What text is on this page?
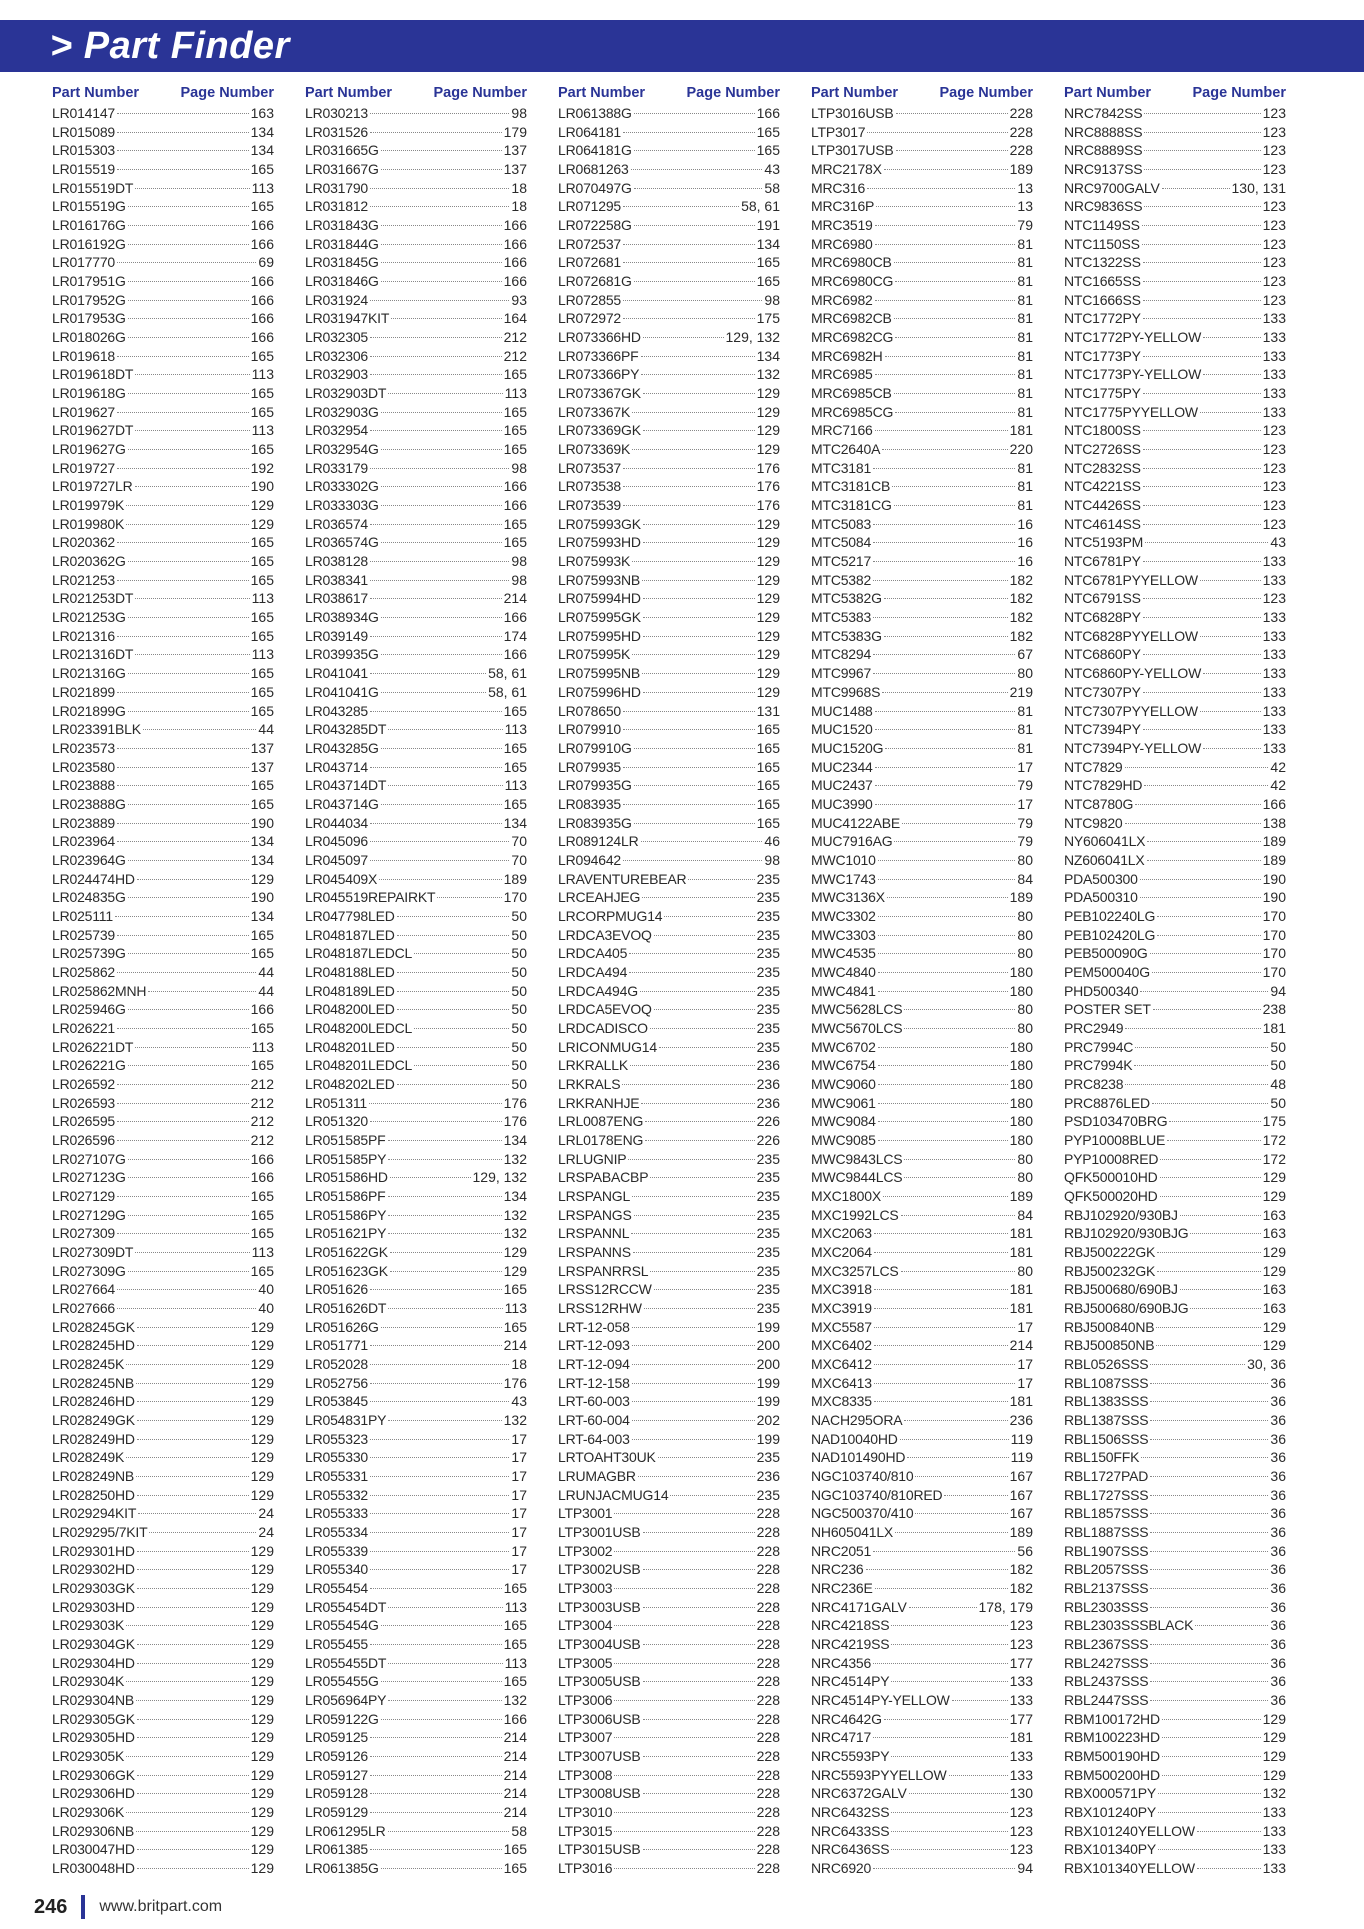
> Part Finder
Part Number	Page Number
LR014147	163
LR015089	134
LR015303	134
LR015519	165
LR015519DT	113
LR015519G	165
LR016176G	166
LR016192G	166
LR017770	69
LR017951G	166
LR017952G	166
LR017953G	166
LR018026G	166
LR019618	165
LR019618DT	113
LR019618G	165
LR019627	165
LR019627DT	113
LR019627G	165
LR019727	192
LR019727LR	190
LR019979K	129
LR019980K	129
LR020362	165
LR020362G	165
LR021253	165
LR021253DT	113
LR021253G	165
LR021316	165
LR021316DT	113
LR021316G	165
LR021899	165
LR021899G	165
LR023391BLK	44
LR023573	137
LR023580	137
LR023888	165
LR023888G	165
LR023889	190
LR023964	134
LR023964G	134
LR024474HD	129
LR024835G	190
LR025111	134
LR025739	165
LR025739G	165
LR025862	44
LR025862MNH	44
LR025946G	166
LR026221	165
LR026221DT	113
LR026221G	165
LR026592	212
LR026593	212
LR026595	212
LR026596	212
LR027107G	166
LR027123G	166
LR027129	165
LR027129G	165
LR027309	165
LR027309DT	113
LR027309G	165
LR027664	40
LR027666	40
LR028245GK	129
LR028245HD	129
LR028245K	129
LR028245NB	129
LR028246HD	129
LR028249GK	129
LR028249HD	129
LR028249K	129
LR028249NB	129
LR028250HD	129
LR029294KIT	24
LR029295/7KIT	24
LR029301HD	129
LR029302HD	129
LR029303GK	129
LR029303HD	129
LR029303K	129
LR029304GK	129
LR029304HD	129
LR029304K	129
LR029304NB	129
LR029305GK	129
LR029305HD	129
LR029305K	129
LR029306GK	129
LR029306HD	129
LR029306K	129
LR029306NB	129
LR030047HD	129
LR030048HD	129
Part Number	Page Number
LR030213	98
LR031526	179
LR031665G	137
LR031667G	137
LR031790	18
LR031812	18
LR031843G	166
LR031844G	166
LR031845G	166
LR031846G	166
LR031924	93
LR031947KIT	164
LR032305	212
LR032306	212
LR032903	165
LR032903DT	113
LR032903G	165
LR032954	165
LR032954G	165
LR033179	98
LR033302G	166
LR033303G	166
LR036574	165
LR036574G	165
LR038128	98
LR038341	98
LR038617	214
LR038934G	166
LR039149	174
LR039935G	166
LR041041	58, 61
LR041041G	58, 61
LR043285	165
LR043285DT	113
LR043285G	165
LR043714	165
LR043714DT	113
LR043714G	165
LR044034	134
LR045096	70
LR045097	70
LR045409X	189
LR045519REPAIRKT	170
LR047798LED	50
LR048187LED	50
LR048187LEDCL	50
LR048188LED	50
LR048189LED	50
LR048200LED	50
LR048200LEDCL	50
LR048201LED	50
LR048201LEDCL	50
LR048202LED	50
LR051311	176
LR051320	176
LR051585PF	134
LR051585PY	132
LR051586HD	129, 132
LR051586PF	134
LR051586PY	132
LR051621PY	132
LR051622GK	129
LR051623GK	129
LR051626	165
LR051626DT	113
LR051626G	165
LR051771	214
LR052028	18
LR052756	176
LR053845	43
LR054831PY	132
LR055323	17
LR055330	17
LR055331	17
LR055332	17
LR055333	17
LR055334	17
LR055339	17
LR055340	17
LR055454	165
LR055454DT	113
LR055454G	165
LR055455	165
LR055455DT	113
LR055455G	165
LR056964PY	132
LR059122G	166
LR059125	214
LR059126	214
LR059127	214
LR059128	214
LR059129	214
LR061295LR	58
LR061385	165
LR061385G	165
Part Number	Page Number
LR061388G	166
LR064181	165
LR064181G	165
LR0681263	43
LR070497G	58
LR071295	58, 61
LR072258G	191
LR072537	134
LR072681	165
LR072681G	165
LR072855	98
LR072972	175
LR073366HD	129, 132
LR073366PF	134
LR073366PY	132
LR073367GK	129
LR073367K	129
LR073369GK	129
LR073369K	129
LR073537	176
LR073538	176
LR073539	176
LR075993GK	129
LR075993HD	129
LR075993K	129
LR075993NB	129
LR075994HD	129
LR075995GK	129
LR075995HD	129
LR075995K	129
LR075995NB	129
LR075996HD	129
LR078650	131
LR079910	165
LR079910G	165
LR079935	165
LR079935G	165
LR083935	165
LR083935G	165
LR089124LR	46
LR094642	98
LRAVENTUREBEAR	235
LRCEAHJEG	235
LRCORPMUG14	235
LRDCA3EVOQ	235
LRDCA405	235
LRDCA494	235
LRDCA494G	235
LRDCA5EVOQ	235
LRDCADISCO	235
LRICONMUG14	235
LRKRALLK	236
LRKRALS	236
LRKRANHJE	236
LRL0087ENG	226
LRL0178ENG	226
LRLUGNIP	235
LRSPABACBP	235
LRSPANGL	235
LRSPANGS	235
LRSPANNL	235
LRSPANNS	235
LRSPANRRSL	235
LRSS12RCCW	235
LRSS12RHW	235
LRT-12-058	199
LRT-12-093	200
LRT-12-094	200
LRT-12-158	199
LRT-60-003	199
LRT-60-004	202
LRT-64-003	199
LRTOAHT30UK	235
LRUMAGBR	236
LRUNJACMUG14	235
LTP3001	228
LTP3001USB	228
LTP3002	228
LTP3002USB	228
LTP3003	228
LTP3003USB	228
LTP3004	228
LTP3004USB	228
LTP3005	228
LTP3005USB	228
LTP3006	228
LTP3006USB	228
LTP3007	228
LTP3007USB	228
LTP3008	228
LTP3008USB	228
LTP3010	228
LTP3015	228
LTP3015USB	228
LTP3016	228
Part Number	Page Number
LTP3016USB	228
LTP3017	228
LTP3017USB	228
MRC2178X	189
MRC316	13
MRC316P	13
MRC3519	79
MRC6980	81
MRC6980CB	81
MRC6980CG	81
MRC6982	81
MRC6982CB	81
MRC6982CG	81
MRC6982H	81
MRC6985	81
MRC6985CB	81
MRC6985CG	81
MRC7166	181
MTC2640A	220
MTC3181	81
MTC3181CB	81
MTC3181CG	81
MTC5083	16
MTC5084	16
MTC5217	16
MTC5382	182
MTC5382G	182
MTC5383	182
MTC5383G	182
MTC8294	67
MTC9967	80
MTC9968S	219
MUC1488	81
MUC1520	81
MUC1520G	81
MUC2344	17
MUC2437	79
MUC3990	17
MUC4122ABE	79
MUC7916AG	79
MWC1010	80
MWC1743	84
MWC3136X	189
MWC3302	80
MWC3303	80
MWC4535	80
MWC4840	180
MWC4841	180
MWC5628LCS	80
MWC5670LCS	80
MWC6702	180
MWC6754	180
MWC9060	180
MWC9061	180
MWC9084	180
MWC9085	180
MWC9843LCS	80
MWC9844LCS	80
MXC1800X	189
MXC1992LCS	84
MXC2063	181
MXC2064	181
MXC3257LCS	80
MXC3918	181
MXC3919	181
MXC5587	17
MXC6402	214
MXC6412	17
MXC6413	17
MXC8335	181
NACH295ORA	236
NAD10040HD	119
NAD101490HD	119
NGC103740/810	167
NGC103740/810RED	167
NGC500370/410	167
NH605041LX	189
NRC2051	56
NRC236	182
NRC236E	182
NRC4171GALV	178, 179
NRC4218SS	123
NRC4219SS	123
NRC4356	177
NRC4514PY	133
NRC4514PY-YELLOW	133
NRC4642G	177
NRC4717	181
NRC5593PY	133
NRC5593PYYELLOW	133
NRC6372GALV	130
NRC6432SS	123
NRC6433SS	123
NRC6436SS	123
NRC6920	94
Part Number	Page Number
NRC7842SS	123
NRC8888SS	123
NRC8889SS	123
NRC9137SS	123
NRC9700GALV	130, 131
NRC9836SS	123
NTC1149SS	123
NTC1150SS	123
NTC1322SS	123
NTC1665SS	123
NTC1666SS	123
NTC1772PY	133
NTC1772PY-YELLOW	133
NTC1773PY	133
NTC1773PY-YELLOW	133
NTC1775PY	133
NTC1775PYYELLOW	133
NTC1800SS	123
NTC2726SS	123
NTC2832SS	123
NTC4221SS	123
NTC4426SS	123
NTC4614SS	123
NTC5193PM	43
NTC6781PY	133
NTC6781PYYELLOW	133
NTC6791SS	123
NTC6828PY	133
NTC6828PYYELLOW	133
NTC6860PY	133
NTC6860PY-YELLOW	133
NTC7307PY	133
NTC7307PYYELLOW	133
NTC7394PY	133
NTC7394PY-YELLOW	133
NTC7829	42
NTC7829HD	42
NTC8780G	166
NTC9820	138
NY606041LX	189
NZ606041LX	189
PDA500300	190
PDA500310	190
PEB102240LG	170
PEB102420LG	170
PEB500090G	170
PEM500040G	170
PHD500340	94
POSTER SET	238
PRC2949	181
PRC7994C	50
PRC7994K	50
PRC8238	48
PRC8876LED	50
PSD103470BRG	175
PYP10008BLUE	172
PYP10008RED	172
QFK500010HD	129
QFK500020HD	129
RBJ102920/930BJ	163
RBJ102920/930BJG	163
RBJ500222GK	129
RBJ500232GK	129
RBJ500680/690BJ	163
RBJ500680/690BJG	163
RBJ500840NB	129
RBJ500850NB	129
RBL0526SSS	30, 36
RBL1087SSS	36
RBL1383SSS	36
RBL1387SSS	36
RBL1506SSS	36
RBL150FFK	36
RBL1727PAD	36
RBL1727SSS	36
RBL1857SSS	36
RBL1887SSS	36
RBL1907SSS	36
RBL2057SSS	36
RBL2137SSS	36
RBL2303SSS	36
RBL2303SSSBLACK	36
RBL2367SSS	36
RBL2427SSS	36
RBL2437SSS	36
RBL2447SSS	36
RBM100172HD	129
RBM100223HD	129
RBM500190HD	129
RBM500200HD	129
RBX000571PY	132
RBX101240PY	133
RBX101240YELLOW	133
RBX101340PY	133
RBX101340YELLOW	133
246 www.britpart.com
